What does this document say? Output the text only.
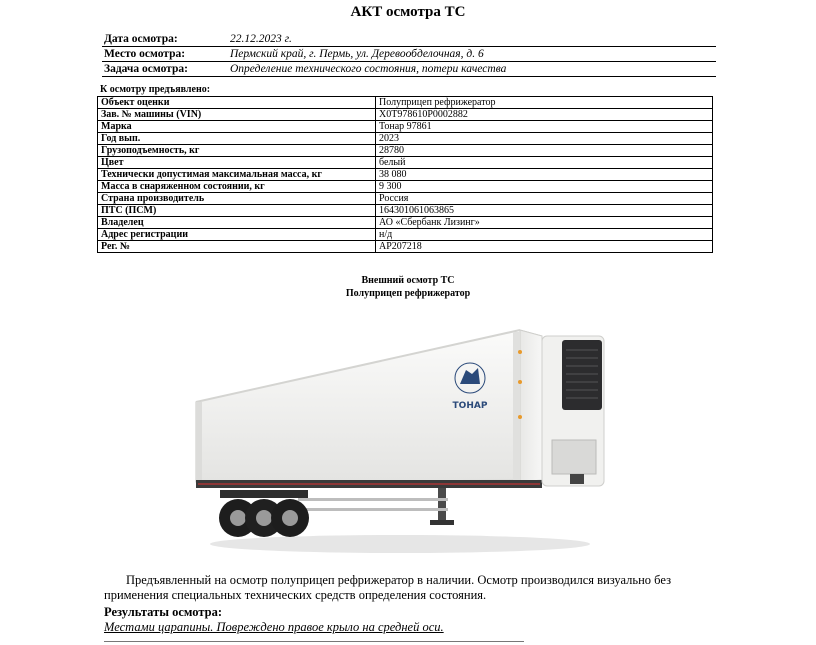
АКТ осмотра ТС
Дата осмотра:	22.12.2023 г.
Место осмотра:	Пермский край, г. Пермь, ул. Деревообделочная, д. 6
Задача осмотра:	Определение технического состояния, потери качества
К осмотру предъявлено:
Объект оценки	Полуприцеп рефрижератор
Зав. № машины (VIN)	X0T978610P0002882
Марка	Тонар 97861
Год вып.	2023
Грузоподъемность, кг	28780
Цвет	белый
Технически допустимая максимальная масса, кг	38 080
Масса в снаряженном состоянии, кг	9 300
Страна производитель	Россия
ПТС (ПСМ)	164301061063865
Владелец	АО «Сбербанк Лизинг»
Адрес регистрации	н/д
Рег. №	АР207218
Внешний осмотр ТС
Полуприцеп рефрижератор
ТОНАР
Предъявленный на осмотр полуприцеп рефрижератор в наличии. Осмотр производился визуально без применения специальных технических средств определения состояния.
Результаты осмотра:
Местами царапины. Повреждено правое крыло на средней оси.
